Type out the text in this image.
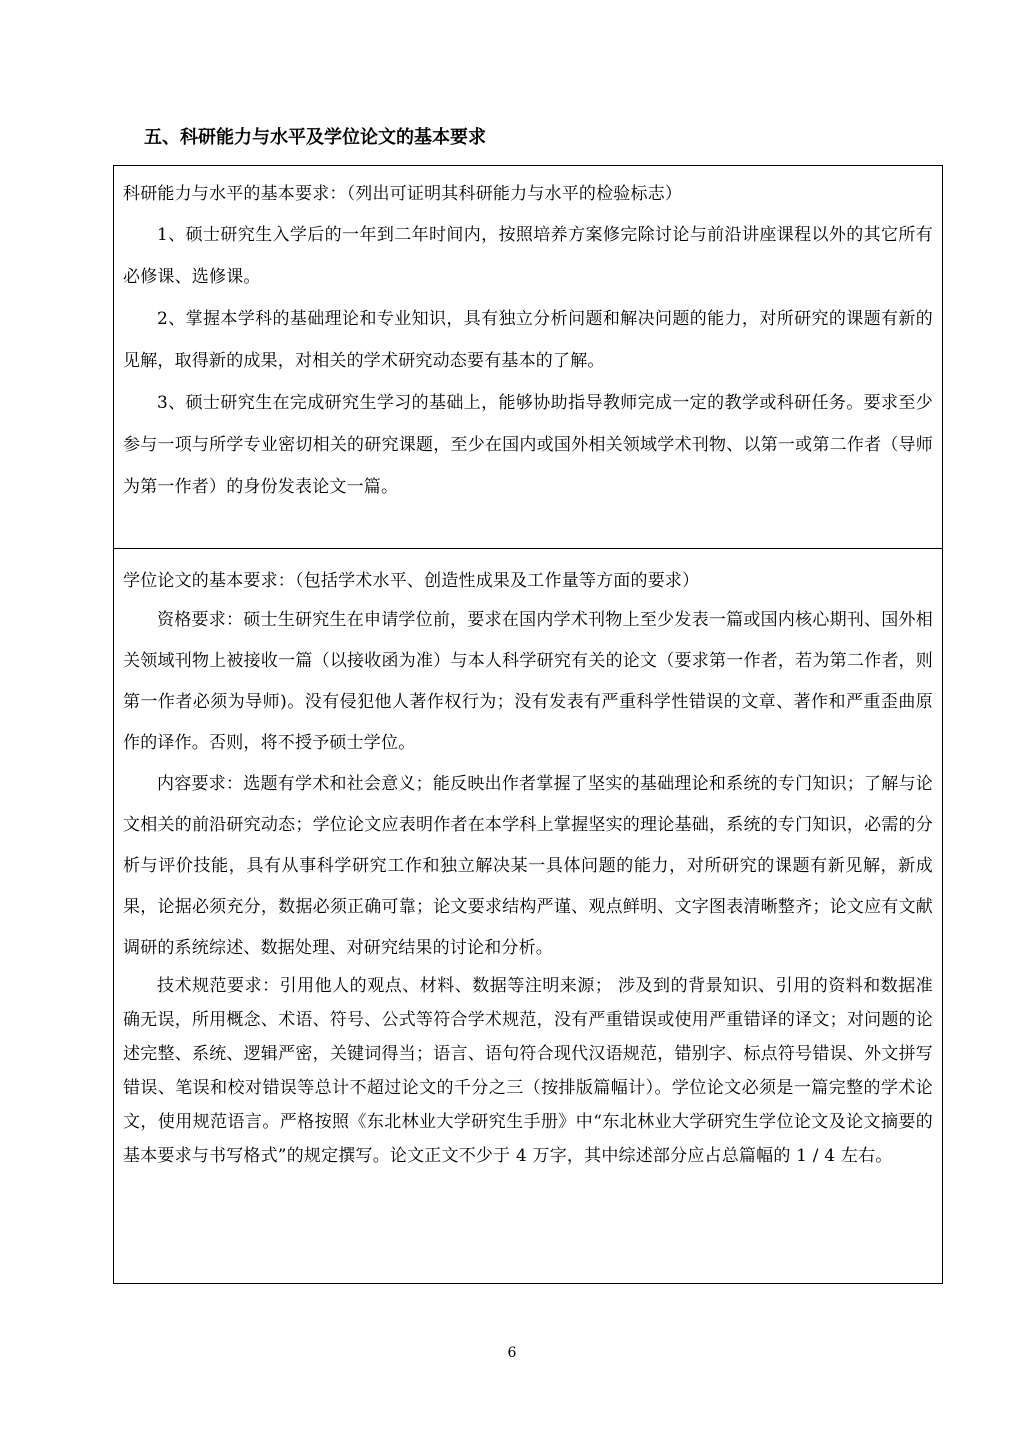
五、科研能力与水平及学位论文的基本要求

科研能力与水平的基本要求：（列出可证明其科研能力与水平的检验标志）

1、硕士研究生入学后的一年到二年时间内，按照培养方案修完除讨论与前沿讲座课程以外的其它所有必修课、选修课。

2、掌握本学科的基础理论和专业知识，具有独立分析问题和解决问题的能力，对所研究的课题有新的见解，取得新的成果，对相关的学术研究动态要有基本的了解。

3、硕士研究生在完成研究生学习的基础上，能够协助指导教师完成一定的教学或科研任务。要求至少参与一项与所学专业密切相关的研究课题，至少在国内或国外相关领域学术刊物、以第一或第二作者（导师为第一作者）的身份发表论文一篇。

学位论文的基本要求：（包括学术水平、创造性成果及工作量等方面的要求）

资格要求：硕士生研究生在申请学位前，要求在国内学术刊物上至少发表一篇或国内核心期刊、国外相关领域刊物上被接收一篇（以接收函为准）与本人科学研究有关的论文（要求第一作者，若为第二作者，则第一作者必须为导师)。没有侵犯他人著作权行为；没有发表有严重科学性错误的文章、著作和严重歪曲原作的译作。否则，将不授予硕士学位。

内容要求：选题有学术和社会意义；能反映出作者掌握了坚实的基础理论和系统的专门知识；了解与论文相关的前沿研究动态；学位论文应表明作者在本学科上掌握坚实的理论基础，系统的专门知识，必需的分析与评价技能，具有从事科学研究工作和独立解决某一具体问题的能力，对所研究的课题有新见解，新成果，论据必须充分，数据必须正确可靠；论文要求结构严谨、观点鲜明、文字图表清晰整齐；论文应有文献调研的系统综述、数据处理、对研究结果的讨论和分析。

技术规范要求：引用他人的观点、材料、数据等注明来源； 涉及到的背景知识、引用的资料和数据准确无误，所用概念、术语、符号、公式等符合学术规范，没有严重错误或使用严重错译的译文；对问题的论述完整、系统、逻辑严密，关键词得当；语言、语句符合现代汉语规范，错别字、标点符号错误、外文拼写错误、笔误和校对错误等总计不超过论文的千分之三（按排版篇幅计）。学位论文必须是一篇完整的学术论文，使用规范语言。严格按照《东北林业大学研究生手册》中“东北林业大学研究生学位论文及论文摘要的基本要求与书写格式”的规定撰写。论文正文不少于 4 万字，其中综述部分应占总篇幅的 1 / 4 左右。

6
